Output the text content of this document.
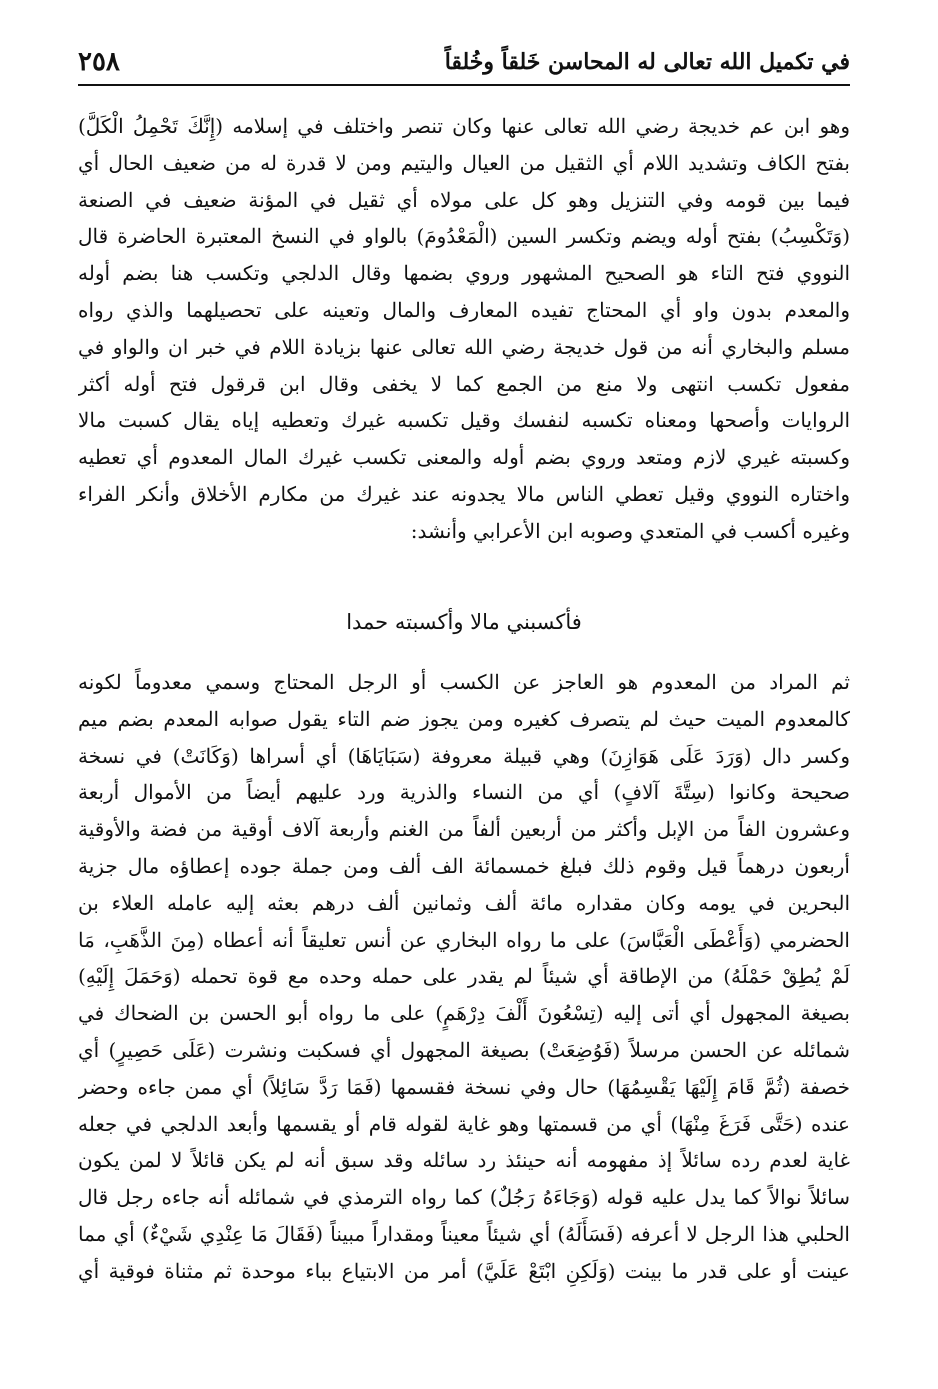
في تكميل الله تعالى له المحاسن خَلقاً وخُلقاً
٢٥٨
وهو ابن عم خديجة رضي الله تعالى عنها وكان تنصر واختلف في إسلامه (إِنَّكَ تَحْمِلُ الْكَلَّ)
بفتح الكاف وتشديد اللام أي الثقيل من العيال واليتيم ومن لا قدرة له من ضعيف الحال أي
فيما بين قومه وفي التنزيل وهو كل على مولاه أي ثقيل في المؤنة ضعيف في الصنعة
(وَتَكْسِبُ) بفتح أوله ويضم وتكسر السين (الْمَعْدُومَ) بالواو في النسخ المعتبرة الحاضرة قال
النووي فتح التاء هو الصحيح المشهور وروي بضمها وقال الدلجي وتكسب هنا بضم أوله
والمعدم بدون واو أي المحتاج تفيده المعارف والمال وتعينه على تحصيلهما والذي رواه
مسلم والبخاري أنه من قول خديجة رضي الله تعالى عنها بزيادة اللام في خبر ان والواو في
مفعول تكسب انتهى ولا منع من الجمع كما لا يخفى وقال ابن قرقول فتح أوله أكثر
الروايات وأصحها ومعناه تكسبه لنفسك وقيل تكسبه غيرك وتعطيه إياه يقال كسبت مالا
وكسبته غيري لازم ومتعد وروي بضم أوله والمعنى تكسب غيرك المال المعدوم أي تعطيه
واختاره النووي وقيل تعطي الناس مالا يجدونه عند غيرك من مكارم الأخلاق وأنكر الفراء
وغيره أكسب في المتعدي وصوبه ابن الأعرابي وأنشد:
فأكسبني مالا وأكسبته حمدا
ثم المراد من المعدوم هو العاجز عن الكسب أو الرجل المحتاج وسمي معدوماً لكونه
كالمعدوم الميت حيث لم يتصرف كغيره ومن يجوز ضم التاء يقول صوابه المعدم بضم ميم
وكسر دال (وَرَدَ عَلَى هَوَازِنَ) وهي قبيلة معروفة (سَبَايَاهَا) أي أسراها (وَكَانَتْ) في نسخة
صحيحة وكانوا (سِتَّةَ آلافٍ) أي من النساء والذرية ورد عليهم أيضاً من الأموال أربعة
وعشرون الفاً من الإبل وأكثر من أربعين ألفاً من الغنم وأربعة آلاف أوقية من فضة والأوقية
أربعون درهماً قيل وقوم ذلك فبلغ خمسمائة الف ألف ومن جملة جوده إعطاؤه مال جزية
البحرين في يومه وكان مقداره مائة ألف وثمانين ألف درهم بعثه إليه عامله العلاء بن
الحضرمي (وَأَعْطَى الْعَبَّاسَ) على ما رواه البخاري عن أنس تعليقاً أنه أعطاه (مِنَ الذَّهَبِ، مَا
لَمْ يُطِقْ حَمْلَهُ) من الإطاقة أي شيئاً لم يقدر على حمله وحده مع قوة تحمله (وَحَمَلَ إِلَيْهِ)
بصيغة المجهول أي أتى إليه (تِسْعُونَ أَلْفَ دِرْهَمٍ) على ما رواه أبو الحسن بن الضحاك في
شمائله عن الحسن مرسلاً (فَوُضِعَتْ) بصيغة المجهول أي فسكبت ونشرت (عَلَى حَصِيرٍ) أي
خصفة (ثُمَّ قَامَ إِلَيْهَا يَقْسِمُهَا) حال وفي نسخة فقسمها (فَمَا رَدَّ سَائِلاً) أي ممن جاءه وحضر
عنده (حَتَّى فَرَغَ مِنْهَا) أي من قسمتها وهو غاية لقوله قام أو يقسمها وأبعد الدلجي في جعله
غاية لعدم رده سائلاً إذ مفهومه أنه حينئذ رد سائله وقد سبق أنه لم يكن قائلاً لا لمن يكون
سائلاً نوالاً كما يدل عليه قوله (وَجَاءَهُ رَجُلٌ) كما رواه الترمذي في شمائله أنه جاءه رجل قال
الحلبي هذا الرجل لا أعرفه (فَسَأَلَهُ) أي شيئاً معيناً ومقداراً مبيناً (فَقَالَ مَا عِنْدِي شَيْءٌ) أي مما
عينت أو على قدر ما بينت (وَلَكِنِ ابْتَعْ عَلَيَّ) أمر من الابتياع بباء موحدة ثم مثناة فوقية أي
